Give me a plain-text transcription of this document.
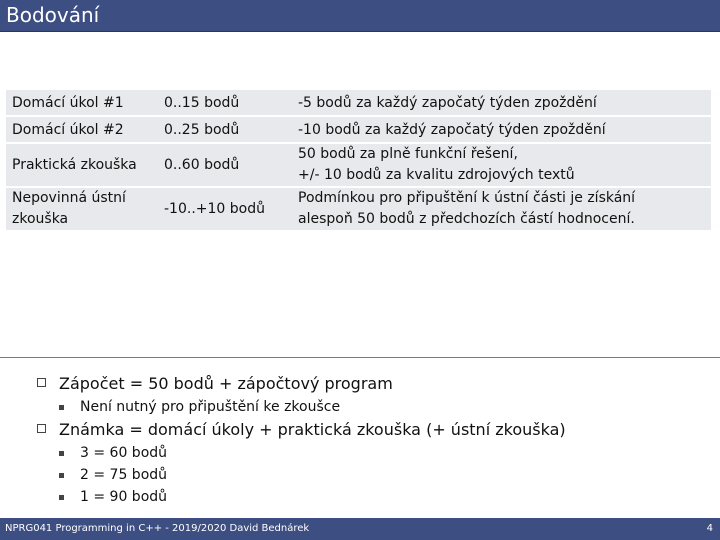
Bodování
Domácí úkol #1	0..15 bodů	-5 bodů za každý započatý týden zpoždění
Domácí úkol #2	0..25 bodů	-10 bodů za každý započatý týden zpoždění
Praktická zkouška	0..60 bodů	50 bodů za plně funkční řešení,
+/- 10 bodů za kvalitu zdrojových textů
Nepovinná ústní
zkouška	-10..+10 bodů	Podmínkou pro připuštění k ústní části je získání
alespoň 50 bodů z předchozích částí hodnocení.
Zápočet = 50 bodů + zápočtový program
Není nutný pro připuštění ke zkoušce
Známka = domácí úkoly + praktická zkouška (+ ústní zkouška)
3 = 60 bodů
2 = 75 bodů
1 = 90 bodů
NPRG041 Programming in C++ - 2019/2020 David Bednárek	4
